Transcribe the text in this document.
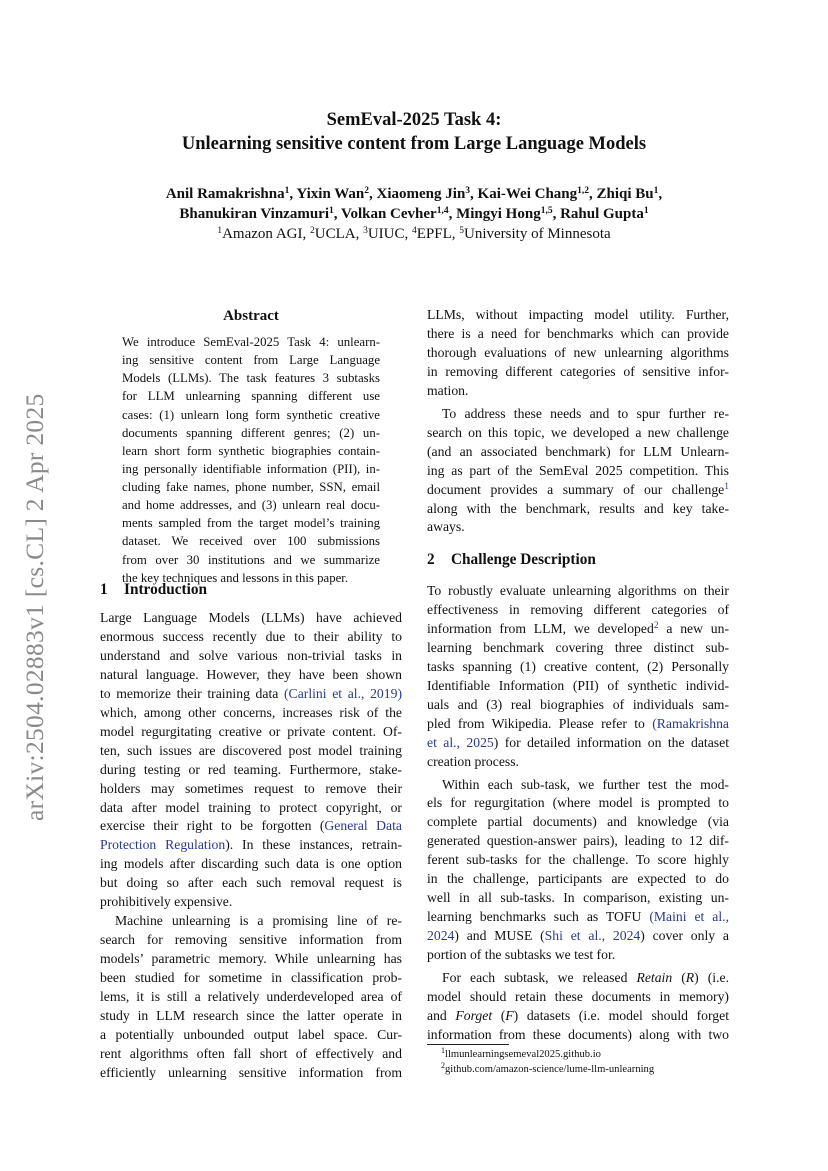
arXiv:2504.02883v1 [cs.CL] 2 Apr 2025
SemEval-2025 Task 4:
Unlearning sensitive content from Large Language Models
Anil Ramakrishna$^1$, Yixin Wan$^2$, Xiaomeng Jin$^3$, Kai-Wei Chang$^{1,2}$, Zhiqi Bu$^1$,
Bhanukiran Vinzamuri$^1$, Volkan Cevher$^{1,4}$, Mingyi Hong$^{1,5}$, Rahul Gupta$^1$
$^1$Amazon AGI, $^2$UCLA, $^3$UIUC, $^4$EPFL, $^5$University of Minnesota
Abstract
We introduce SemEval-2025 Task 4: unlearn-
ing sensitive content from Large Language
Models (LLMs). The task features 3 subtasks
for LLM unlearning spanning different use
cases: (1) unlearn long form synthetic creative
documents spanning different genres; (2) un-
learn short form synthetic biographies contain-
ing personally identifiable information (PII), in-
cluding fake names, phone number, SSN, email
and home addresses, and (3) unlearn real docu-
ments sampled from the target model’s training
dataset. We received over 100 submissions
from over 30 institutions and we summarize
the key techniques and lessons in this paper.
1 Introduction
Large Language Models (LLMs) have achieved
enormous success recently due to their ability to
understand and solve various non-trivial tasks in
natural language. However, they have been shown
to memorize their training data (Carlini et al., 2019)
which, among other concerns, increases risk of the
model regurgitating creative or private content. Of-
ten, such issues are discovered post model training
during testing or red teaming. Furthermore, stake-
holders may sometimes request to remove their
data after model training to protect copyright, or
exercise their right to be forgotten (General Data
Protection Regulation). In these instances, retrain-
ing models after discarding such data is one option
but doing so after each such removal request is
prohibitively expensive.
Machine unlearning is a promising line of re-
search for removing sensitive information from
models’ parametric memory. While unlearning has
been studied for sometime in classification prob-
lems, it is still a relatively underdeveloped area of
study in LLM research since the latter operate in
a potentially unbounded output label space. Cur-
rent algorithms often fall short of effectively and
efficiently unlearning sensitive information from
LLMs, without impacting model utility. Further,
there is a need for benchmarks which can provide
thorough evaluations of new unlearning algorithms
in removing different categories of sensitive infor-
mation.
To address these needs and to spur further re-
search on this topic, we developed a new challenge
(and an associated benchmark) for LLM Unlearn-
ing as part of the SemEval 2025 competition. This
document provides a summary of our challenge$^1$
along with the benchmark, results and key take-
aways.
2 Challenge Description
To robustly evaluate unlearning algorithms on their
effectiveness in removing different categories of
information from LLM, we developed$^2$ a new un-
learning benchmark covering three distinct sub-
tasks spanning (1) creative content, (2) Personally
Identifiable Information (PII) of synthetic individ-
uals and (3) real biographies of individuals sam-
pled from Wikipedia. Please refer to (Ramakrishna
et al., 2025) for detailed information on the dataset
creation process.
Within each sub-task, we further test the mod-
els for regurgitation (where model is prompted to
complete partial documents) and knowledge (via
generated question-answer pairs), leading to 12 dif-
ferent sub-tasks for the challenge. To score highly
in the challenge, participants are expected to do
well in all sub-tasks. In comparison, existing un-
learning benchmarks such as TOFU (Maini et al.,
2024) and MUSE (Shi et al., 2024) cover only a
portion of the subtasks we test for.
For each subtask, we released Retain (R) (i.e.
model should retain these documents in memory)
and Forget (F) datasets (i.e. model should forget
information from these documents) along with two
$^1$llmunlearningsemeval2025.github.io
$^2$github.com/amazon-science/lume-llm-unlearning
